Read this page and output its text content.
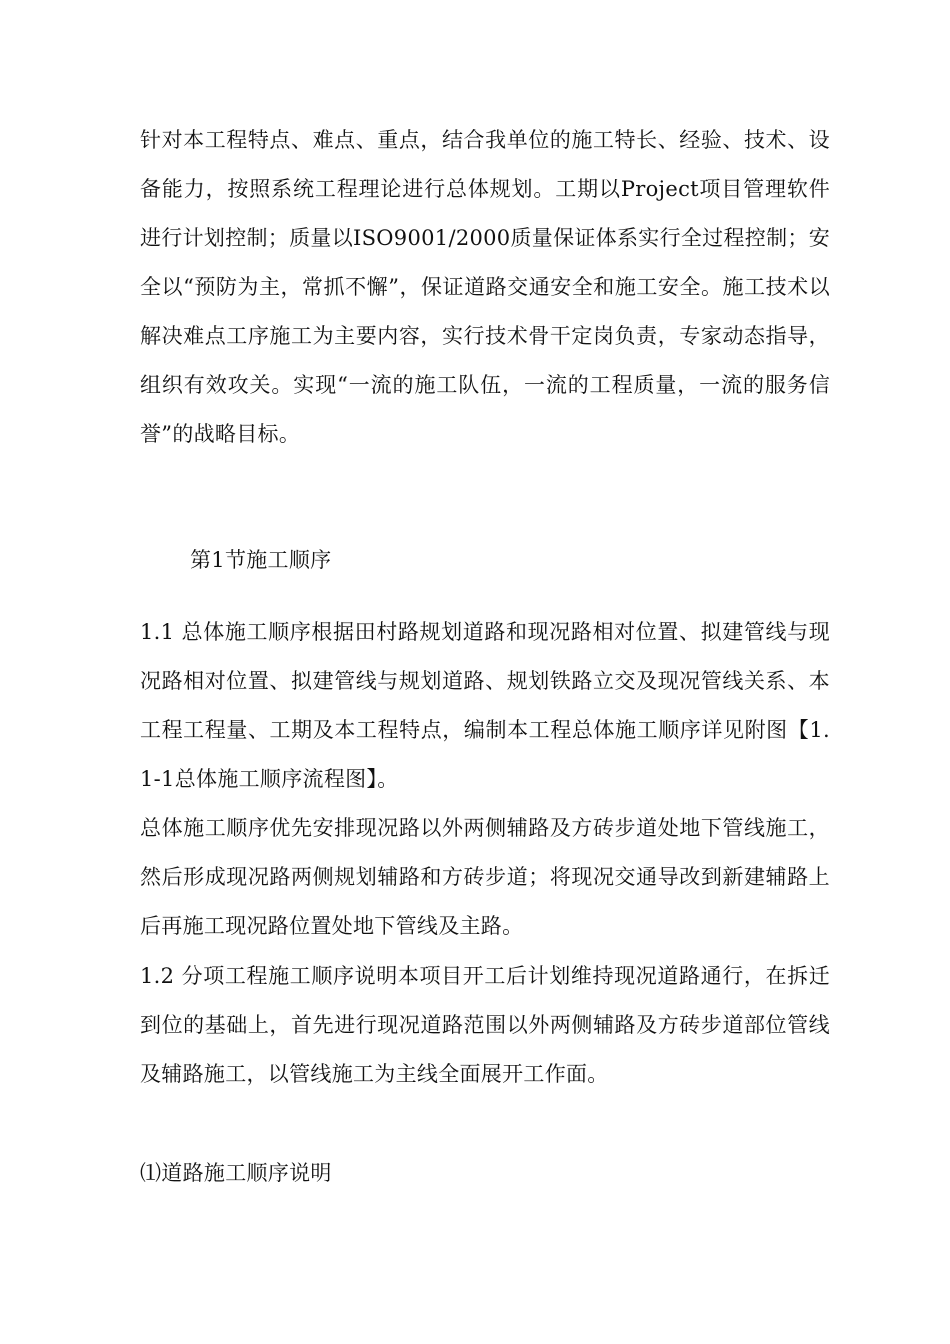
针对本工程特点、难点、重点，结合我单位的施工特长、经验、技术、设备能力，按照系统工程理论进行总体规划。工期以Project项目管理软件进行计划控制；质量以ISO9001/2000质量保证体系实行全过程控制；安全以“预防为主，常抓不懈”，保证道路交通安全和施工安全。施工技术以解决难点工序施工为主要内容，实行技术骨干定岗负责，专家动态指导，组织有效攻关。实现“一流的施工队伍，一流的工程质量，一流的服务信誉”的战略目标。

第1节施工顺序

1.1 总体施工顺序根据田村路规划道路和现况路相对位置、拟建管线与现况路相对位置、拟建管线与规划道路、规划铁路立交及现况管线关系、本工程工程量、工期及本工程特点，编制本工程总体施工顺序详见附图【1.1-1总体施工顺序流程图】。

总体施工顺序优先安排现况路以外两侧辅路及方砖步道处地下管线施工，然后形成现况路两侧规划辅路和方砖步道；将现况交通导改到新建辅路上后再施工现况路位置处地下管线及主路。

1.2 分项工程施工顺序说明本项目开工后计划维持现况道路通行，在拆迁到位的基础上，首先进行现况道路范围以外两侧辅路及方砖步道部位管线及辅路施工，以管线施工为主线全面展开工作面。

⑴道路施工顺序说明
